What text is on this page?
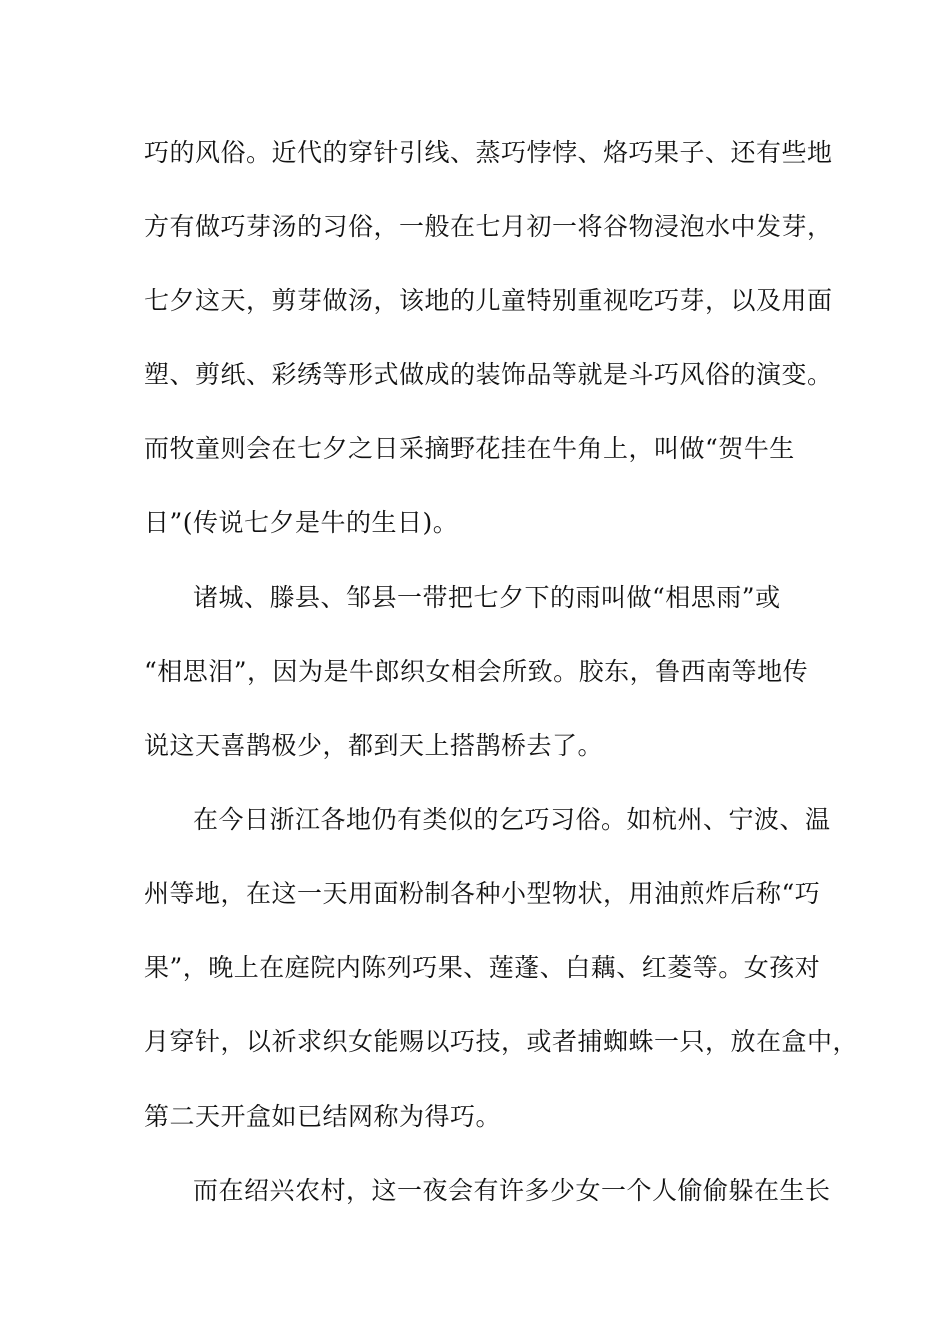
巧的风俗。近代的穿针引线、蒸巧悖悖、烙巧果子、还有些地
方有做巧芽汤的习俗，一般在七月初一将谷物浸泡水中发芽，
七夕这天，剪芽做汤，该地的儿童特别重视吃巧芽，以及用面
塑、剪纸、彩绣等形式做成的装饰品等就是斗巧风俗的演变。
而牧童则会在七夕之日采摘野花挂在牛角上，叫做“贺牛生
日”(传说七夕是牛的生日)。
诸城、滕县、邹县一带把七夕下的雨叫做“相思雨”或
“相思泪”，因为是牛郎织女相会所致。胶东，鲁西南等地传
说这天喜鹊极少，都到天上搭鹊桥去了。
在今日浙江各地仍有类似的乞巧习俗。如杭州、宁波、温
州等地，在这一天用面粉制各种小型物状，用油煎炸后称“巧
果”，晚上在庭院内陈列巧果、莲蓬、白藕、红菱等。女孩对
月穿针，以祈求织女能赐以巧技，或者捕蜘蛛一只，放在盒中，
第二天开盒如已结网称为得巧。
而在绍兴农村，这一夜会有许多少女一个人偷偷躲在生长
